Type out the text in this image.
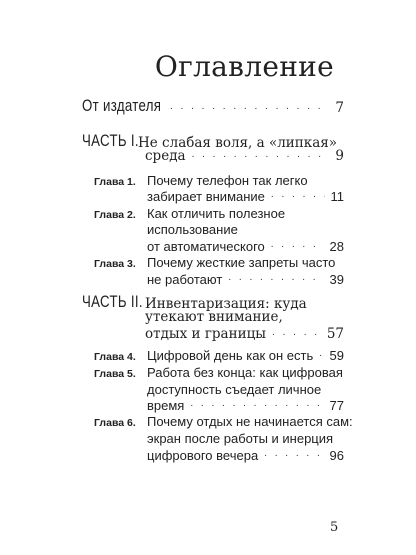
Оглавление
От издателя . . .	7
ЧАСТЬ I. Не слабая воля, а «липкая»
среда . . .	9
Глава 1. Почему телефон так легко
забирает внимание . . .	11
Глава 2. Как отличить полезное
использование
от автоматического . . .	28
Глава 3. Почему жесткие запреты часто
не работают . . .	39
ЧАСТЬ II. Инвентаризация: куда
утекают внимание,
отдых и границы . . .	57
Глава 4. Цифровой день как он есть . . . 59
Глава 5. Работа без конца: как цифровая
доступность съедает личное
время . . .	77
Глава 6. Почему отдых не начинается сам:
экран после работы и инерция
цифрового вечера . . .	96
5
